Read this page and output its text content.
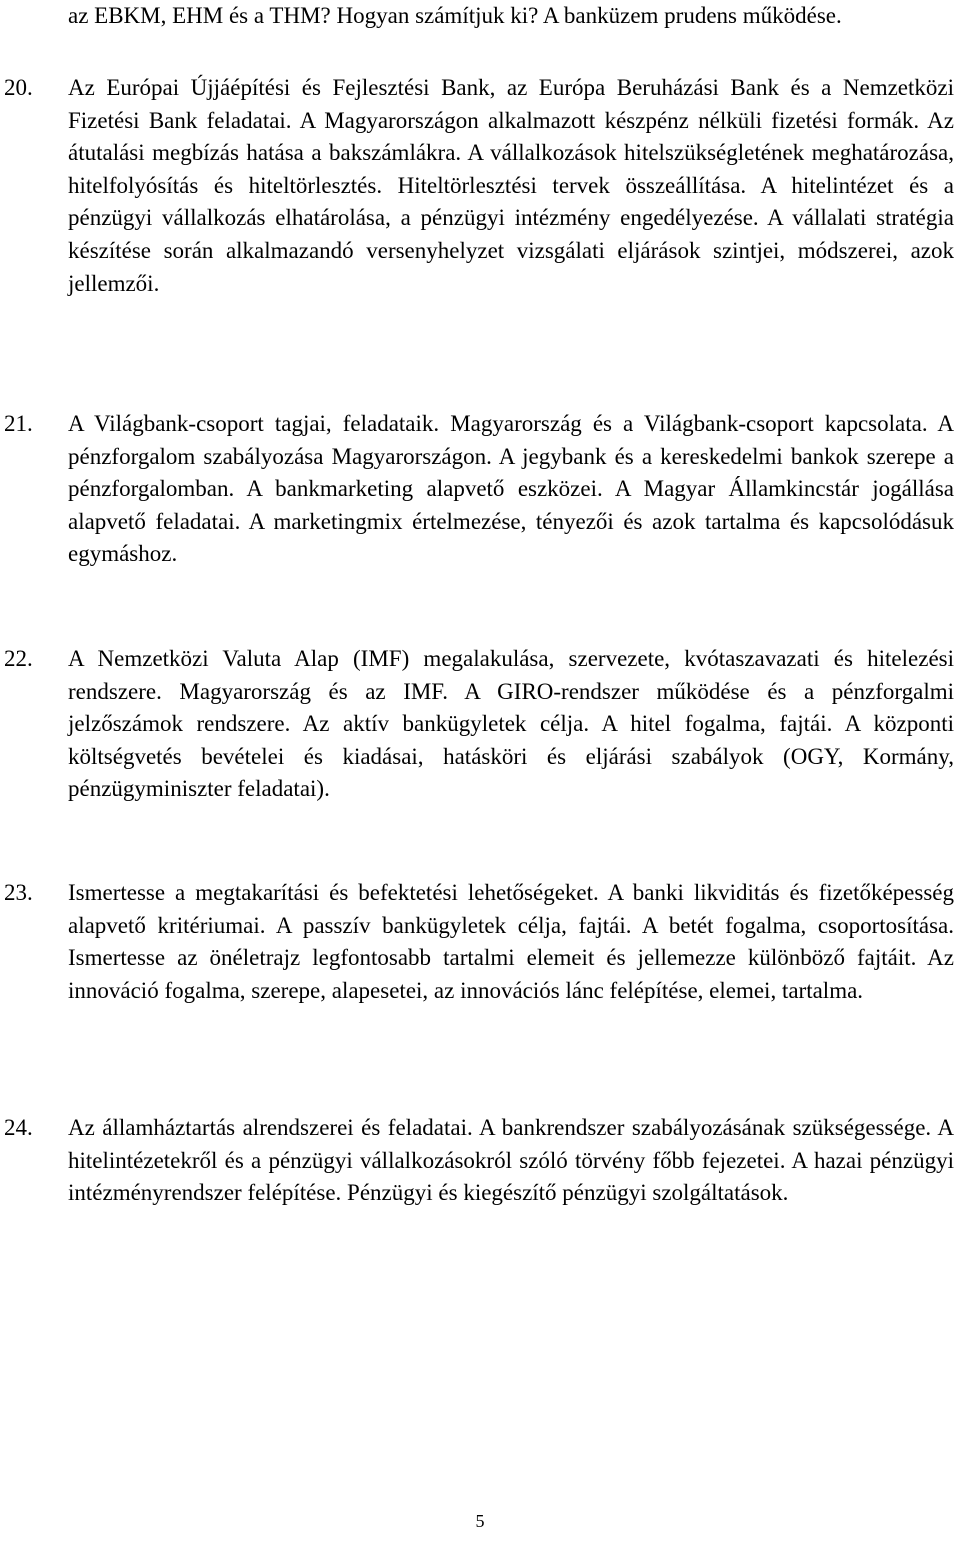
az EBKM, EHM és a THM? Hogyan számítjuk ki? A banküzem prudens működése.
20.	Az Európai Újjáépítési és Fejlesztési Bank, az Európa Beruházási Bank és a Nemzetközi Fizetési Bank feladatai. A Magyarországon alkalmazott készpénz nélküli fizetési formák. Az átutalási megbízás hatása a bakszámlákra. A vállalkozások hitelszükségletének meghatározása, hitelfolyósítás és hiteltörlesztés. Hiteltörlesztési tervek összeállítása. A hitelintézet és a pénzügyi vállalkozás elhatárolása, a pénzügyi intézmény engedélyezése. A vállalati stratégia készítése során alkalmazandó versenyhelyzet vizsgálati eljárások szintjei, módszerei, azok jellemzői.
21.	A Világbank-csoport tagjai, feladataik. Magyarország és a Világbank-csoport kapcsolata. A pénzforgalom szabályozása Magyarországon. A jegybank és a kereskedelmi bankok szerepe a pénzforgalomban. A bankmarketing alapvető eszközei. A Magyar Államkincstár jogállása alapvető feladatai. A marketingmix értelmezése, tényezői és azok tartalma és kapcsolódásuk egymáshoz.
22.	A Nemzetközi Valuta Alap (IMF) megalakulása, szervezete, kvótaszavazati és hitelezési rendszere. Magyarország és az IMF. A GIRO-rendszer működése és a pénzforgalmi jelzőszámok rendszere. Az aktív bankügyletek célja. A hitel fogalma, fajtái. A központi költségvetés bevételei és kiadásai, hatásköri és eljárási szabályok (OGY, Kormány, pénzügyminiszter feladatai).
23.	Ismertesse a megtakarítási és befektetési lehetőségeket. A banki likviditás és fizetőképesség alapvető kritériumai. A passzív bankügyletek célja, fajtái. A betét fogalma, csoportosítása. Ismertesse az önéletrajz legfontosabb tartalmi elemeit és jellemezze különböző fajtáit. Az innováció fogalma, szerepe, alapesetei, az innovációs lánc felépítése, elemei, tartalma.
24.	Az államháztartás alrendszerei és feladatai. A bankrendszer szabályozásának szükségessége. A hitelintézetekről és a pénzügyi vállalkozásokról szóló törvény főbb fejezetei. A hazai pénzügyi intézményrendszer felépítése. Pénzügyi és kiegészítő pénzügyi szolgáltatások.
5
